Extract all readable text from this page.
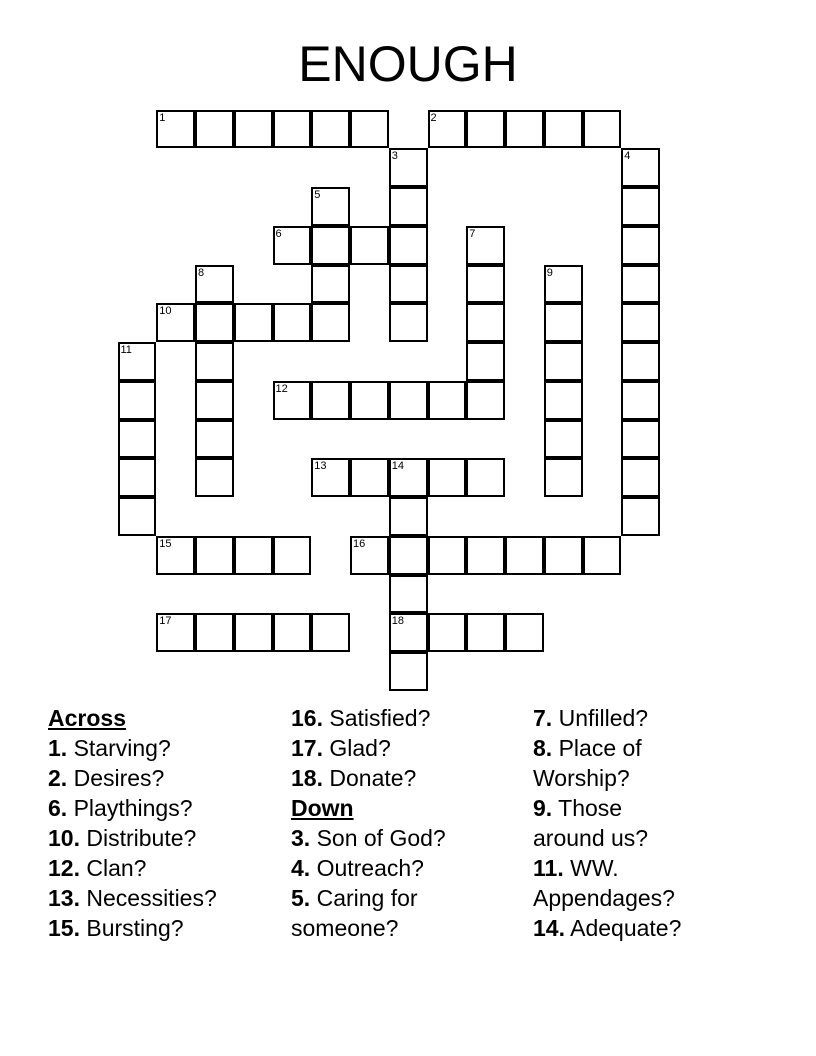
ENOUGH
1	2
3	4
5
6	7
8	9
10
11
12
13	14
18
15	16
17
Across
1. Starving?
2. Desires?
6. Playthings?
10. Distribute?
12. Clan?
13. Necessities?
15. Bursting?
16. Satisfied?
17. Glad?
18. Donate?
Down
3. Son of God?
4. Outreach?
5. Caring for
someone?
7. Unfilled?
8. Place of
Worship?
9. Those
around us?
11. WW.
Appendages?
14. Adequate?
